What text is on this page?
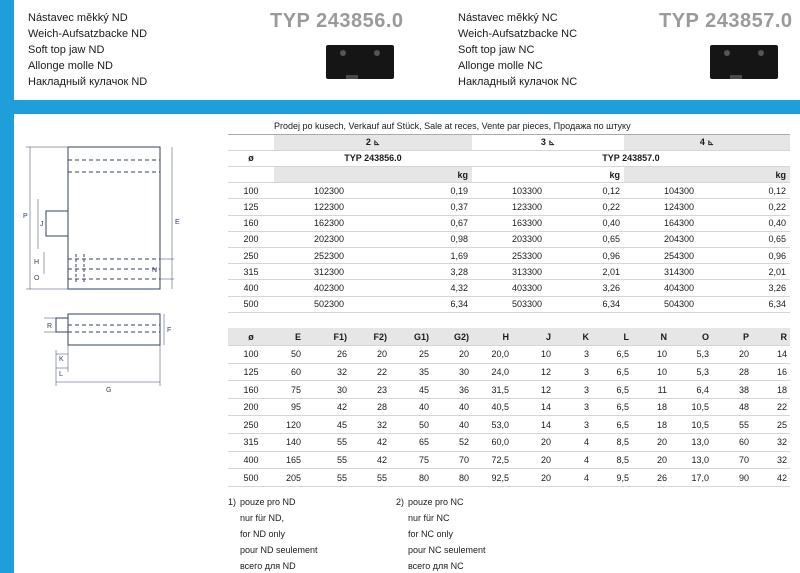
Nástavec měkký ND
Weich-Aufsatzbacke ND
Soft top jaw ND
Allonge molle ND
Накладный кулачок ND
TYP 243856.0	Nástavec měkký NC
Weich-Aufsatzbacke NC
Soft top jaw NC
Allonge molle NC
Накладный кулачок NC
TYP 243857.0
P
J
H
O
E
N
R
F
K
L
G
Prodej po kusech, Verkauf auf Stück, Sale at reces, Vente par pieces, Продажа по штуку						
	2 ⊾		3 ⊾		4 ⊾	
ø	TYP 243856.0		TYP 243857.0			
		kg		kg		kg
100	102300	0,19	103300	0,12	104300	0,12
125	122300	0,37	123300	0,22	124300	0,22
160	162300	0,67	163300	0,40	164300	0,40
200	202300	0,98	203300	0,65	204300	0,65
250	252300	1,69	253300	0,96	254300	0,96
315	312300	3,28	313300	2,01	314300	2,01
400	402300	4,32	403300	3,26	404300	3,26
500	502300	6,34	503300	6,34	504300	6,34
ø	E	F1)	F2)	G1)	G2)	H	J	K	L	N	O	P	R
100	50	26	20	25	20	20,0	10	3	6,5	10	5,3	20	14
125	60	32	22	35	30	24,0	12	3	6,5	10	5,3	28	16
160	75	30	23	45	36	31,5	12	3	6,5	11	6,4	38	18
200	95	42	28	40	40	40,5	14	3	6,5	18	10,5	48	22
250	120	45	32	50	40	53,0	14	3	6,5	18	10,5	55	25
315	140	55	42	65	52	60,0	20	4	8,5	20	13,0	60	32
400	165	55	42	75	70	72,5	20	4	8,5	20	13,0	70	32
500	205	55	55	80	80	92,5	20	4	9,5	26	17,0	90	42
1) pouze pro ND
nur für ND,
for ND only
pour ND seulement
всего для ND
2) pouze pro NC
nur für NC
for NC only
pour NC seulement
всего для NC
